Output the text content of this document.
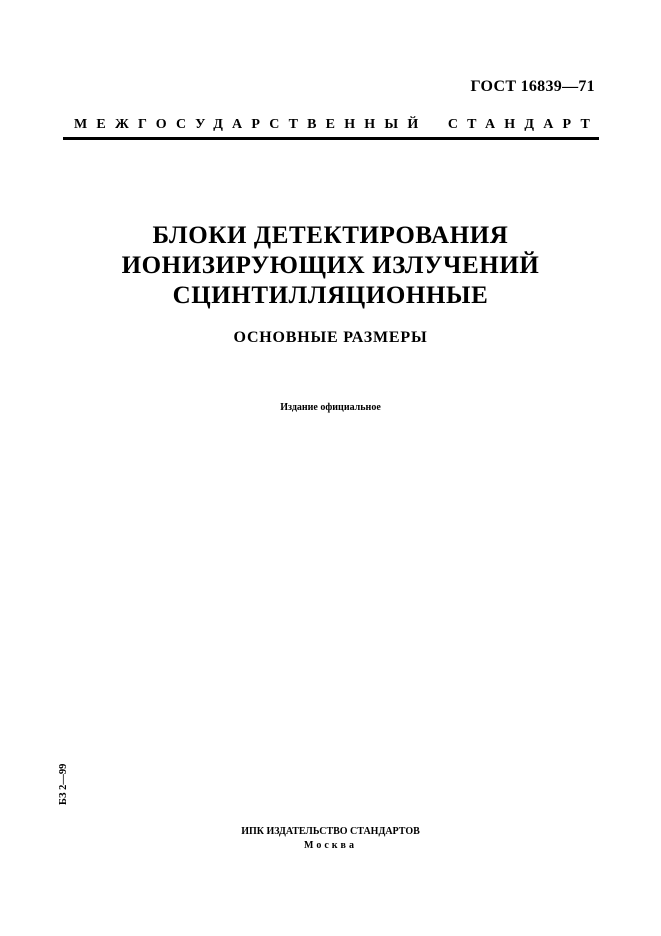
ГОСТ 16839—71
МЕЖГОСУДАРСТВЕННЫЙ СТАНДАРТ
БЛОКИ ДЕТЕКТИРОВАНИЯ
ИОНИЗИРУЮЩИХ ИЗЛУЧЕНИЙ
СЦИНТИЛЛЯЦИОННЫЕ
ОСНОВНЫЕ РАЗМЕРЫ
Издание официальное
БЗ 2—99
ИПК ИЗДАТЕЛЬСТВО СТАНДАРТОВ
Москва
